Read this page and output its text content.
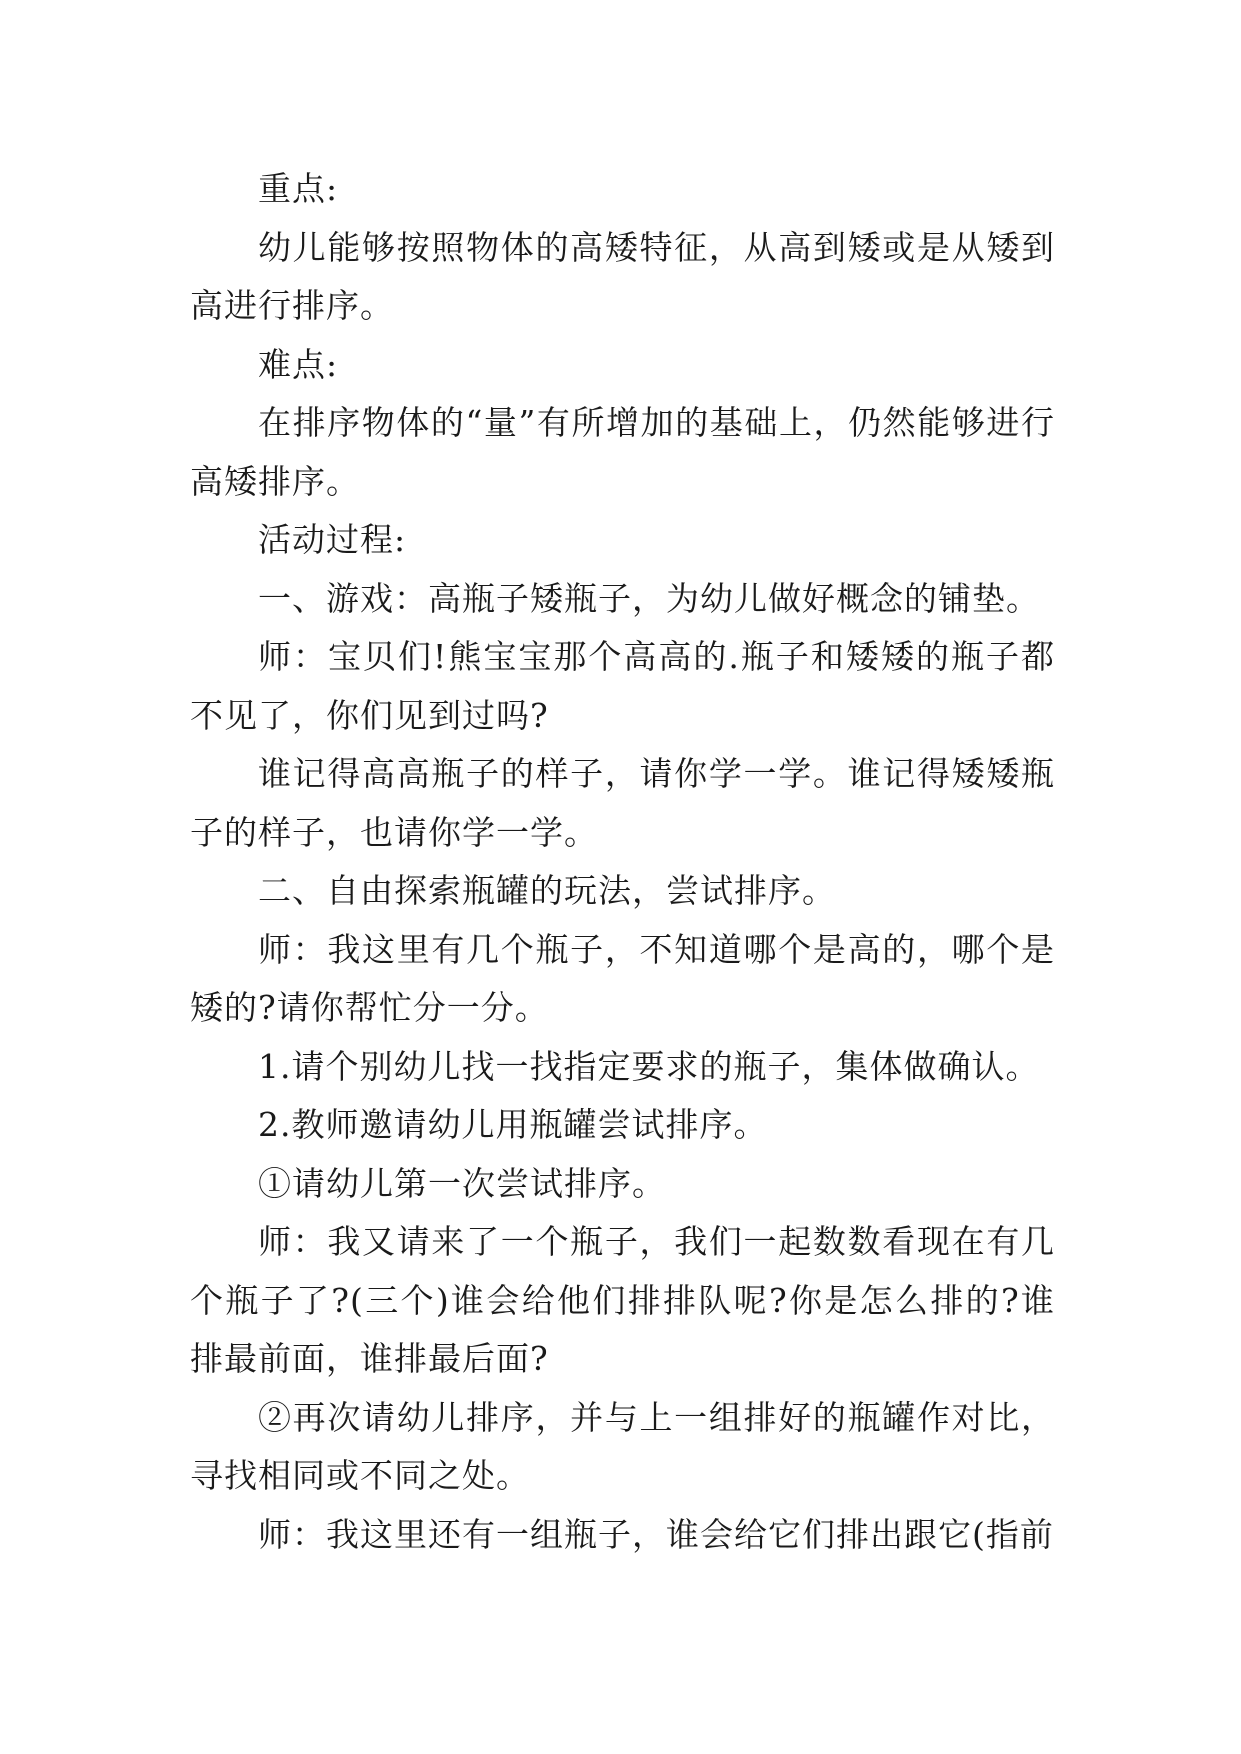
重点:

幼儿能够按照物体的高矮特征，从高到矮或是从矮到高进行排序。

难点:

在排序物体的“量”有所增加的基础上，仍然能够进行高矮排序。

活动过程:

一、游戏：高瓶子矮瓶子，为幼儿做好概念的铺垫。

师：宝贝们!熊宝宝那个高高的.瓶子和矮矮的瓶子都不见了，你们见到过吗?

谁记得高高瓶子的样子，请你学一学。谁记得矮矮瓶子的样子，也请你学一学。

二、自由探索瓶罐的玩法，尝试排序。

师：我这里有几个瓶子，不知道哪个是高的，哪个是矮的?请你帮忙分一分。

1.请个别幼儿找一找指定要求的瓶子，集体做确认。

2.教师邀请幼儿用瓶罐尝试排序。

①请幼儿第一次尝试排序。

师：我又请来了一个瓶子，我们一起数数看现在有几个瓶子了?(三个)谁会给他们排排队呢?你是怎么排的?谁排最前面，谁排最后面?

②再次请幼儿排序，并与上一组排好的瓶罐作对比，寻找相同或不同之处。

师：我这里还有一组瓶子，谁会给它们排出跟它(指前
